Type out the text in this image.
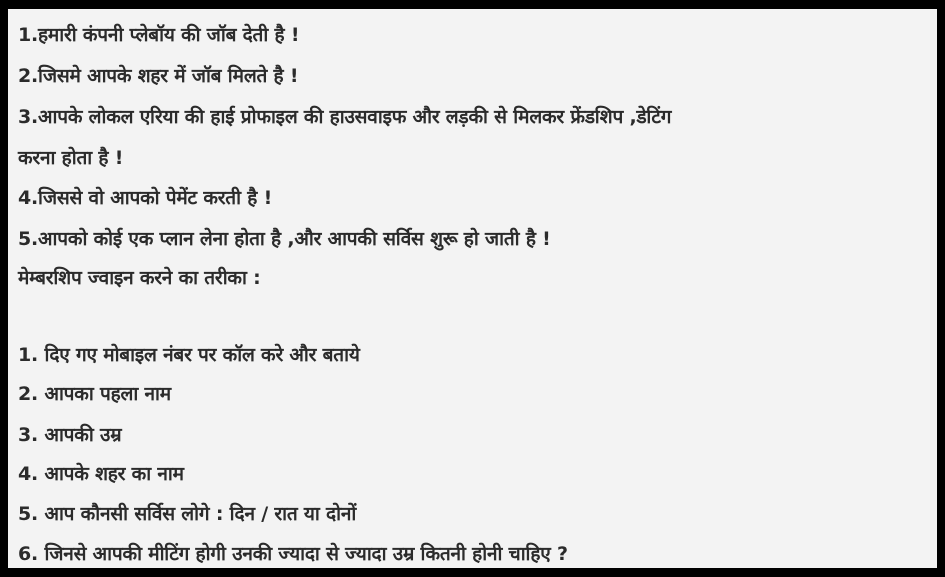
1.हमारी कंपनी प्लेबॉय की जॉब देती है !
2.जिसमे आपके शहर में जॉब मिलते है !
3.आपके लोकल एरिया की हाई प्रोफाइल की हाउसवाइफ और लड़की से मिलकर फ्रेंडशिप ,डेटिंग
करना होता है !
4.जिससे वो आपको पेमेंट करती है !
5.आपको कोई एक प्लान लेना होता है ,और आपकी सर्विस शुरू हो जाती है !
मेम्बरशिप ज्वाइन करने का तरीका :
1. दिए गए मोबाइल नंबर पर कॉल करे और बताये
2. आपका पहला नाम
3. आपकी उम्र
4. आपके शहर का नाम
5. आप कौनसी सर्विस लोगे : दिन / रात या दोनों
6. जिनसे आपकी मीटिंग होगी उनकी ज्यादा से ज्यादा उम्र कितनी होनी चाहिए ?
